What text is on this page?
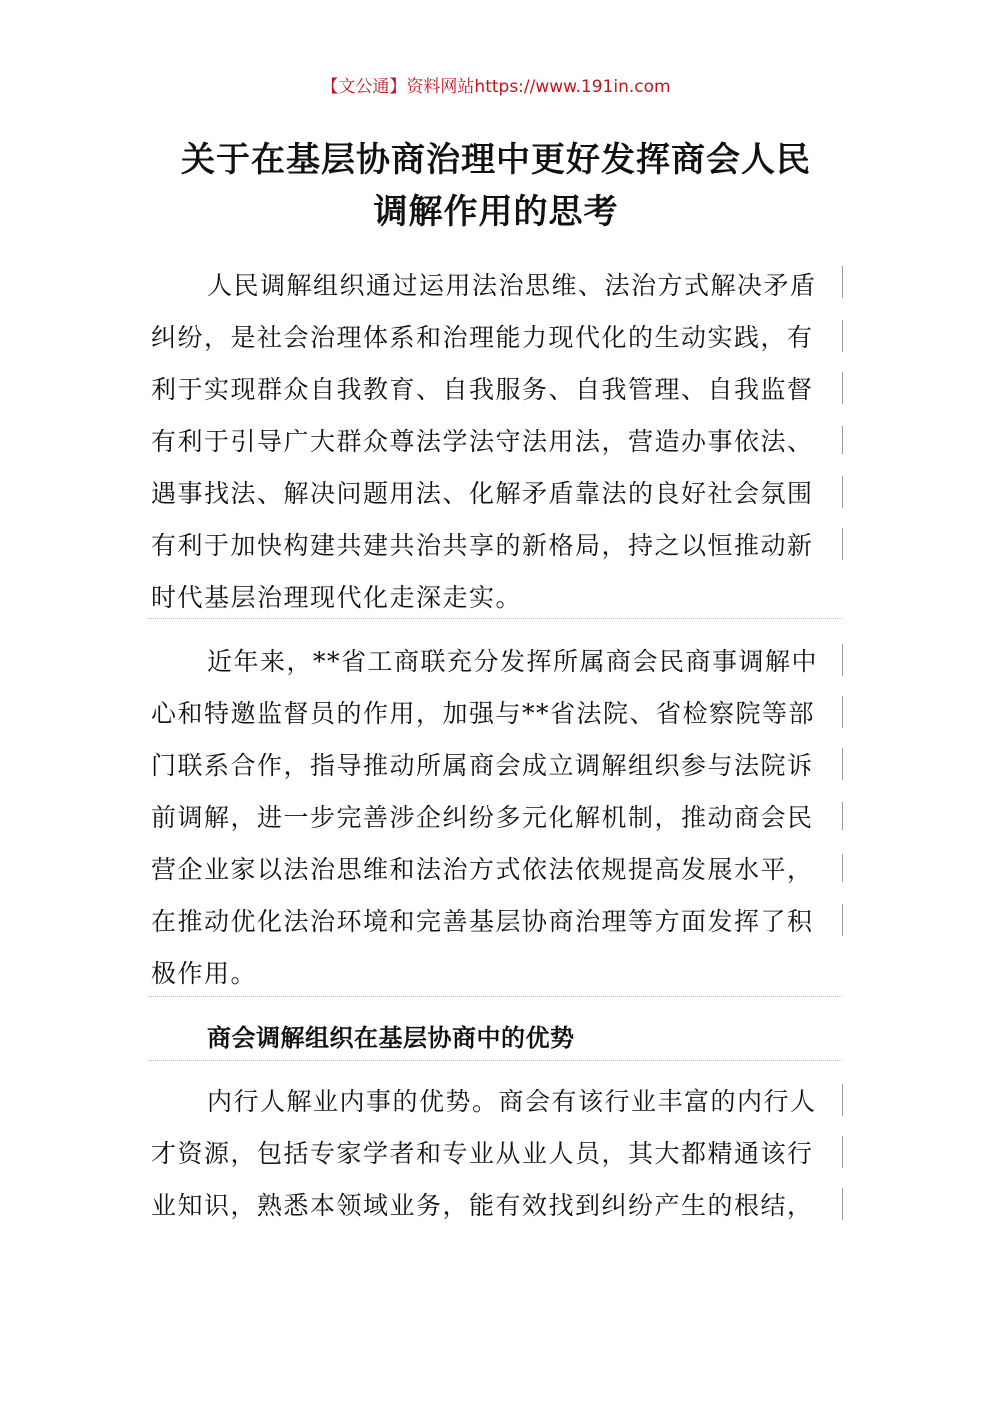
【文公通】资料网站https://www.191in.com
关于在基层协商治理中更好发挥商会人民
调解作用的思考
人民调解组织通过运用法治思维、法治方式解决矛盾
纠纷，是社会治理体系和治理能力现代化的生动实践，有
利于实现群众自我教育、自我服务、自我管理、自我监督
有利于引导广大群众尊法学法守法用法，营造办事依法、
遇事找法、解决问题用法、化解矛盾靠法的良好社会氛围
有利于加快构建共建共治共享的新格局，持之以恒推动新
时代基层治理现代化走深走实。
近年来，**省工商联充分发挥所属商会民商事调解中
心和特邀监督员的作用，加强与**省法院、省检察院等部
门联系合作，指导推动所属商会成立调解组织参与法院诉
前调解，进一步完善涉企纠纷多元化解机制，推动商会民
营企业家以法治思维和法治方式依法依规提高发展水平，
在推动优化法治环境和完善基层协商治理等方面发挥了积
极作用。
商会调解组织在基层协商中的优势
内行人解业内事的优势。商会有该行业丰富的内行人
才资源，包括专家学者和专业从业人员，其大都精通该行
业知识，熟悉本领域业务，能有效找到纠纷产生的根结，
